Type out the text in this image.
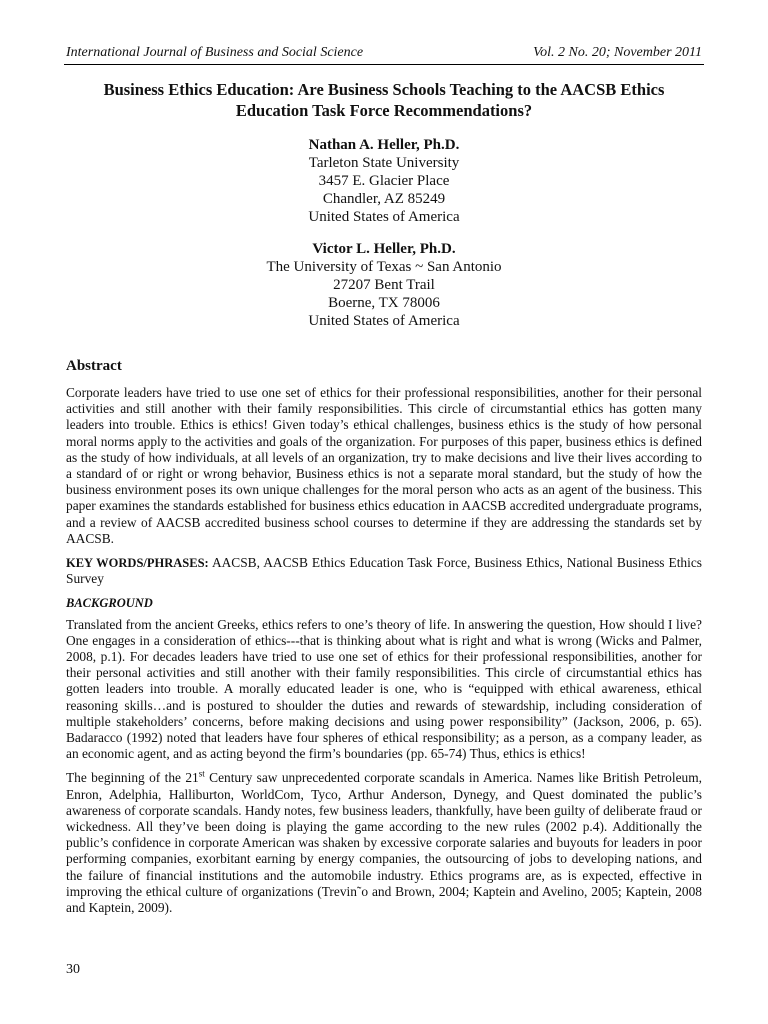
International Journal of Business and Social Science	Vol. 2 No. 20; November 2011
Business Ethics Education: Are Business Schools Teaching to the AACSB Ethics Education Task Force Recommendations?
Nathan A. Heller, Ph.D.
Tarleton State University
3457 E. Glacier Place
Chandler, AZ 85249
United States of America
Victor L. Heller, Ph.D.
The University of Texas ~ San Antonio
27207 Bent Trail
Boerne, TX 78006
United States of America
Abstract

Corporate leaders have tried to use one set of ethics for their professional responsibilities, another for their personal activities and still another with their family responsibilities. This circle of circumstantial ethics has gotten many leaders into trouble. Ethics is ethics! Given today’s ethical challenges, business ethics is the study of how personal moral norms apply to the activities and goals of the organization. For purposes of this paper, business ethics is defined as the study of how individuals, at all levels of an organization, try to make decisions and live their lives according to a standard of or right or wrong behavior, Business ethics is not a separate moral standard, but the study of how the business environment poses its own unique challenges for the moral person who acts as an agent of the business. This paper examines the standards established for business ethics education in AACSB accredited undergraduate programs, and a review of AACSB accredited business school courses to determine if they are addressing the standards set by AACSB.

KEY WORDS/PHRASES: AACSB, AACSB Ethics Education Task Force, Business Ethics, National Business Ethics Survey

BACKGROUND

Translated from the ancient Greeks, ethics refers to one’s theory of life. In answering the question, How should I live? One engages in a consideration of ethics---that is thinking about what is right and what is wrong (Wicks and Palmer, 2008, p.1). For decades leaders have tried to use one set of ethics for their professional responsibilities, another for their personal activities and still another with their family responsibilities. This circle of circumstantial ethics has gotten leaders into trouble. A morally educated leader is one, who is “equipped with ethical awareness, ethical reasoning skills…and is postured to shoulder the duties and rewards of stewardship, including consideration of multiple stakeholders’ concerns, before making decisions and using power responsibility” (Jackson, 2006, p. 65). Badaracco (1992) noted that leaders have four spheres of ethical responsibility; as a person, as a company leader, as an economic agent, and as acting beyond the firm’s boundaries (pp. 65-74) Thus, ethics is ethics!

The beginning of the 21st Century saw unprecedented corporate scandals in America. Names like British Petroleum, Enron, Adelphia, Halliburton, WorldCom, Tyco, Arthur Anderson, Dynegy, and Quest dominated the public’s awareness of corporate scandals. Handy notes, few business leaders, thankfully, have been guilty of deliberate fraud or wickedness. All they’ve been doing is playing the game according to the new rules (2002 p.4). Additionally the public’s confidence in corporate American was shaken by excessive corporate salaries and buyouts for leaders in poor performing companies, exorbitant earning by energy companies, the outsourcing of jobs to developing nations, and the failure of financial institutions and the automobile industry. Ethics programs are, as is expected, effective in improving the ethical culture of organizations (Trevin˜o and Brown, 2004; Kaptein and Avelino, 2005; Kaptein, 2008 and Kaptein, 2009).

30
